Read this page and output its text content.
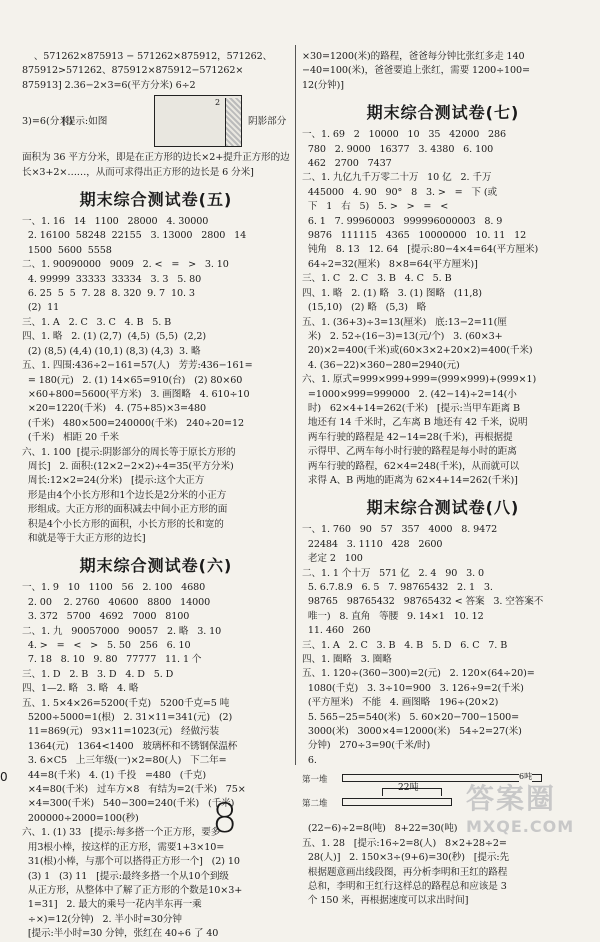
、571262×875913 − 571262×875912，571262、
875912>571262、875912×875912−571262×
875913] 2.36−2×3=6(平方分米) 6÷2
3)=6(分米)
[提示:如图
2
阴影部分
面积为 36 平方分米，即是在正方形的边长×2+提升正方形的边长×3+2×……，从而可求得出正方形的边长是 6 分米]
期末综合测试卷(五)
一、1. 16   14   1100   28000   4. 30000
2. 16100  58248  22155   3. 13000   2800   14
1500  5600  5558
二、1. 90090000   9009   2. <   =   >   3. 10
4. 99999  33333  33334   3. 3   5. 80
6. 25  5  5  7. 28  8. 320  9. 7  10. 3
(2)  11
三、1. A   2. C   3. C   4. B   5. B
四、1. 略   2. (1) (2,7)  (4,5)  (5,5)  (2,2)
(2) (8,5) (4,4) (10,1) (8,3) (4,3)  3. 略
五、1. 四围:436÷2−161=57(人)   芳芳:436−161=
= 180(元)   2. (1) 14×65=910(台)   (2) 80×60
×60+800=5600(平方米)   3. 画图略   4. 610÷10
×20=1220(千米)   4. (75+85)×3=480
(千米)   480×500=240000(千米)   240÷20=12
(千米)   相距 20 千米
六、1. 100  [提示:阴影部分的周长等于原长方形的
周长]   2. 面积:(12×2−2×2)÷4=35(平方分米)
周长:12×2=24(分米)   [提示:这个大正方
形是由4个小长方形和1个边长是2分米的小正方
形组成。大正方形的面积减去中间小正方形的面
积是4个小长方形的面积，小长方形的长和宽的
和就是等于大正方形的边长]
期末综合测试卷(六)
一、1. 9   10   1100   56   2. 100   4680
2. 00    2. 2760   40600   8800   14000
3. 372   5700   4692   7000   8100
二、1. 九   90057000   90057   2. 略   3. 10
4. >   =   <   >   5. 50   256   6. 10
7. 18   8. 10   9. 80   77777   11. 1 个
三、1. D   2. B   3. D   4. D   5. D
四、1—2. 略   3. 略   4. 略
五、1. 5×4×26=5200(千克)   5200千克=5 吨
5200÷5000=1(根)   2. 31×11=341(元)   (2)
11=869(元)   93×11=1023(元)   经做污装
1364(元)   1364<1400   玻璃杯和不锈钢保温杯
3. 6×C5   上三年级(一)×2=80(人)   下二年=
44=8(千米)   4. (1) 千投   =480   (千克)
×4=80(千米)   过车方×8   有结为=2(千米)   75×
×4=300(千米)   540−300=240(千米)   (千米)
200000÷2000=100(秒)
六、1. (1) 33   [提示:每多搭一个正方形，要多
用3根小棒，按这样的正方形，需要1+3×10=
31(根)小棒，与那个可以搭得正方形一个]   (2) 10
(3) 1   (3) 11   [提示:最终多搭一个从10个到级
从正方形，从整体中了解了正方形的个数是10×3+
1=31]   2. 最大的乘号一花内半东再一乘
÷×)=12(分钟)   2. 半小时=30分钟
[提示:半小时=30 分钟，张红在 40÷6 了 40
×30=1200(米)的路程，爸爸每分钟比张红多走 140
−40=100(米)，爸爸要追上张红，需要 1200÷100=
12(分钟)]
期末综合测试卷(七)
一、1. 69   2   10000   10   35   42000   286
780   2. 9000   16377   3. 4380   6. 100
462   2700   7437
二、1. 九亿九千万零二十万   10 亿   2. 千万
445000   4. 90   90°   8   3. >   =   下 (或
下   1   右   5)   5. >   >   =   <
6. 1   7. 99960003   999996000003   8. 9
9876   111115   4365   10000000   10. 11   12
钝角   8. 13   12. 64   [提示:80−4×4=64(平方厘米)
64÷2=32(厘米)   8×8=64(平方厘米)]
三、1. C   2. C   3. B   4. C   5. B
四、1. 略   2. (1) 略   3. (1) 图略   (11,8)
(15,10)   (2) 略   (5,3)   略
五、1. (36+3)÷3=13(厘米)   底:13−2=11(厘
米)   2. 52÷(16−3)=13(元/个)   3. (60×3+
20)×2=400(千米)或(60×3×2+20×2)=400(千米)
4. (36−22)×360−280=2940(元)
六、1. 原式=999×999+999=(999×999)+(999×1)
=1000×999=999000   2. (42−14)÷2=14(小
时)   62×4+14=262(千米)   [提示:当甲车距离 B
地还有 14 千米时，乙车离 B 地还有 42 千米，说明
两车行驶的路程是 42−14=28(千米)，再根据提
示得甲、乙两车每小时行驶的路程是每小时的距离
两车行驶的路程，62×4=248(千米)，从而就可以
求得 A、B 两地的距离为 62×4+14=262(千米)]
期末综合测试卷(八)
一、1. 760   90   57   357   4000   8. 9472
22484   3. 1110   428   2600
老定 2   100
二、1. 1 个十万   571 亿   2. 4   90   3. 0
5. 6.7.8.9   6. 5   7. 98765432   2. 1   3.
98765   98765432   98765432 < 答案   3. 空答案不
唯一)   8. 直角   等腰   9. 14×1   10. 12
11. 460   260
三、1. A   2. C   3. B   4. B   5. D   6. C   7. B
四、1. 圈略   3. 圈略
五、1. 120÷(360−300)=2(元)   2. 120×(64÷20)=
1080(千克)   3. 3÷10=900   3. 126÷9=2(千米)
(平方厘米)   不能   4. 画图略   196÷(20×2)
5. 565−25=540(米)   5. 60×20−700−1500=
3000(米)   3000×4=12000(米)   54÷2=27(米)
分钟)   270÷3=90(千米/时)
6.
第一堆	6吨
22吨
第二堆
(22−6)÷2=8(吨)   8+22=30(吨)
五、1. 28   [提示:16÷2=8(人)   8×2+28÷2=
28(人)]   2. 150×3÷(9+6)=30(秒)   [提示:先
根据题意画出线段图，再分析李明和王红的路程
总和，李明和王红行这样总的路程总和应该是 3
个 150 米，再根据速度可以求出时间]
0
8	答案圈
MXQE.COM
